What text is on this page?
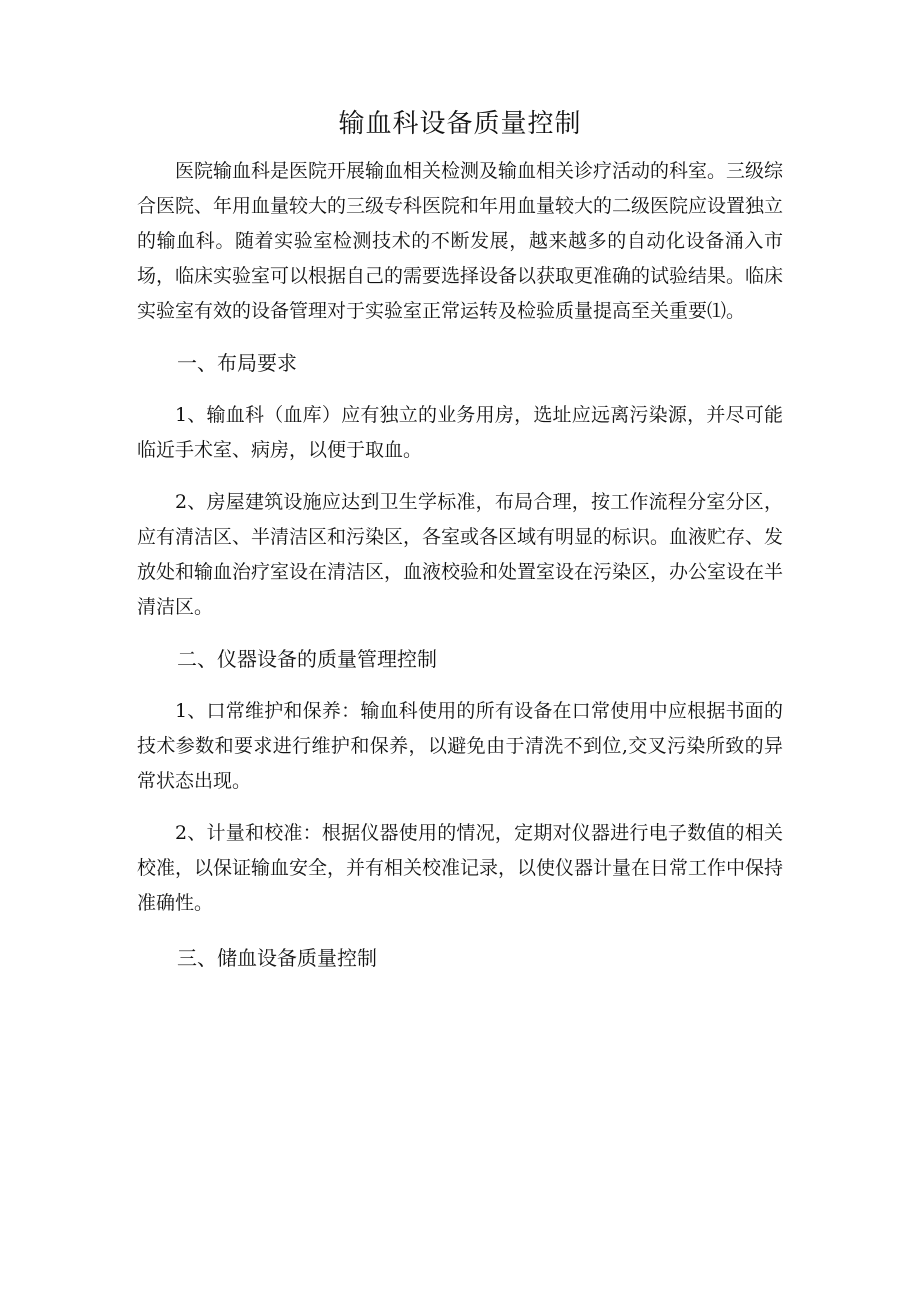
输血科设备质量控制

医院输血科是医院开展输血相关检测及输血相关诊疗活动的科室。三级综合医院、年用血量较大的三级专科医院和年用血量较大的二级医院应设置独立的输血科。随着实验室检测技术的不断发展，越来越多的自动化设备涌入市场，临床实验室可以根据自己的需要选择设备以获取更准确的试验结果。临床实验室有效的设备管理对于实验室正常运转及检验质量提高至关重要⑴。

一、布局要求

1、输血科（血库）应有独立的业务用房，选址应远离污染源，并尽可能临近手术室、病房，以便于取血。

2、房屋建筑设施应达到卫生学标准，布局合理，按工作流程分室分区，应有清洁区、半清洁区和污染区，各室或各区域有明显的标识。血液贮存、发放处和输血治疗室设在清洁区，血液校验和处置室设在污染区，办公室设在半清洁区。

二、仪器设备的质量管理控制

1、口常维护和保养：输血科使用的所有设备在口常使用中应根据书面的技术参数和要求进行维护和保养，以避免由于清洗不到位,交叉污染所致的异常状态出现。

2、计量和校准：根据仪器使用的情况，定期对仪器进行电子数值的相关校准，以保证输血安全，并有相关校准记录，以使仪器计量在日常工作中保持准确性。

三、储血设备质量控制
